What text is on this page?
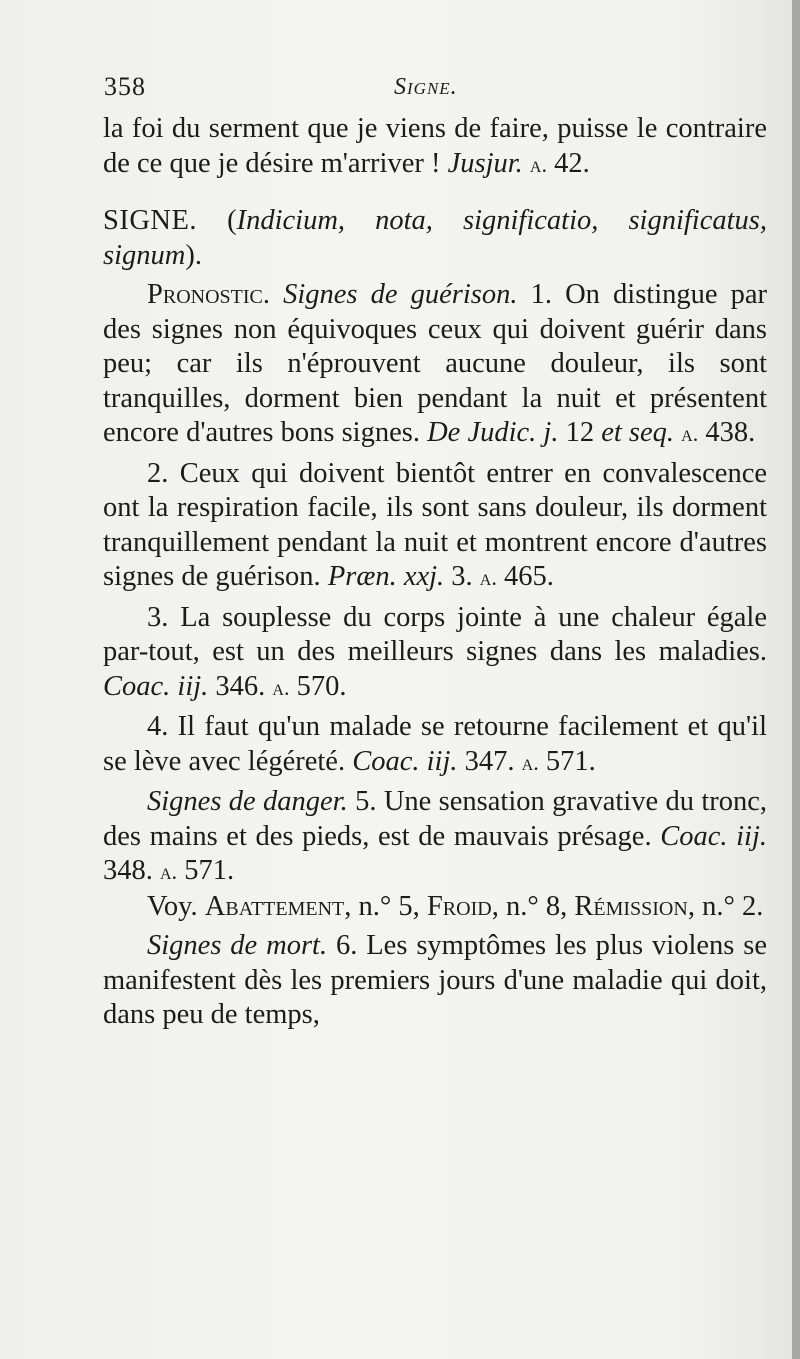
358	Signe.

la foi du serment que je viens de faire, puisse le contraire de ce que je désire m'arriver ! Jusjur. a. 42.

SIGNE. (Indicium, nota, significatio, significatus, signum).

Pronostic. Signes de guérison. 1. On distingue par des signes non équivoques ceux qui doivent guérir dans peu; car ils n'éprouvent aucune douleur, ils sont tranquilles, dorment bien pendant la nuit et présentent encore d'autres bons signes. De Judic. j. 12 et seq. a. 438.

2. Ceux qui doivent bientôt entrer en convalescence ont la respiration facile, ils sont sans douleur, ils dorment tranquillement pendant la nuit et montrent encore d'autres signes de guérison. Præn. xxj. 3. a. 465.

3. La souplesse du corps jointe à une chaleur égale par-tout, est un des meilleurs signes dans les maladies. Coac. iij. 346. a. 570.

4. Il faut qu'un malade se retourne facilement et qu'il se lève avec légéreté. Coac. iij. 347. a. 571.

Signes de danger. 5. Une sensation gravative du tronc, des mains et des pieds, est de mauvais présage. Coac. iij. 348. a. 571.

Voy. Abattement, n.° 5, Froid, n.° 8, Rémission, n.° 2.

Signes de mort. 6. Les symptômes les plus violens se manifestent dès les premiers jours d'une maladie qui doit, dans peu de temps,
